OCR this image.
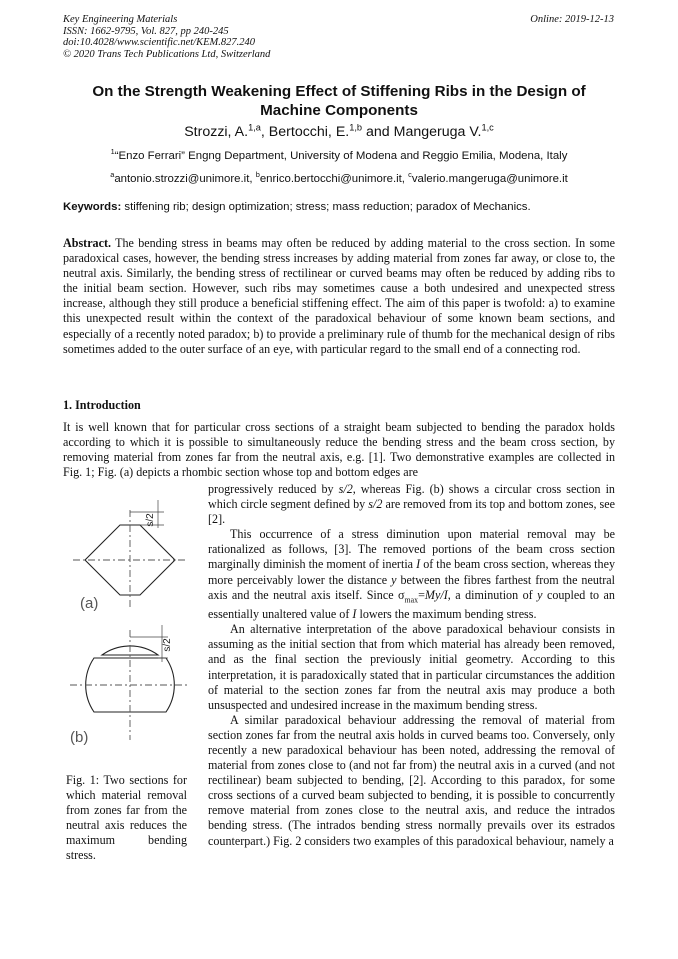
Key Engineering Materials
ISSN: 1662-9795, Vol. 827, pp 240-245
doi:10.4028/www.scientific.net/KEM.827.240
© 2020 Trans Tech Publications Ltd, Switzerland
Online: 2019-12-13
On the Strength Weakening Effect of Stiffening Ribs in the Design of Machine Components
Strozzi, A.$^{1,a}$, Bertocchi, E.$^{1,b}$ and Mangeruga V.$^{1,c}$
$^1$“Enzo Ferrari” Engng Department, University of Modena and Reggio Emilia, Modena, Italy
$^a$antonio.strozzi@unimore.it, $^b$enrico.bertocchi@unimore.it, $^c$valerio.mangeruga@unimore.it
Keywords: stiffening rib; design optimization; stress; mass reduction; paradox of Mechanics.
Abstract. The bending stress in beams may often be reduced by adding material to the cross section. In some paradoxical cases, however, the bending stress increases by adding material from zones far away, or close to, the neutral axis. Similarly, the bending stress of rectilinear or curved beams may often be reduced by adding ribs to the initial beam section. However, such ribs may sometimes cause a both undesired and unexpected stress increase, although they still produce a beneficial stiffening effect. The aim of this paper is twofold: a) to examine this unexpected result within the context of the paradoxical behaviour of some known beam sections, and especially of a recently noted paradox; b) to provide a preliminary rule of thumb for the mechanical design of ribs sometimes added to the outer surface of an eye, with particular regard to the small end of a connecting rod.
1. Introduction
It is well known that for particular cross sections of a straight beam subjected to bending the paradox holds according to which it is possible to simultaneously reduce the bending stress and the beam cross section, by removing material from zones far from the neutral axis, e.g. [1]. Two demonstrative examples are collected in Fig. 1; Fig. (a) depicts a rhombic section whose top and bottom edges are

progressively reduced by s/2, whereas Fig. (b) shows a circular cross section in which circle segment defined by s/2 are removed from its top and bottom zones, see [2].

This occurrence of a stress diminution upon material removal may be rationalized as follows, [3]. The removed portions of the beam cross section marginally diminish the moment of inertia I of the beam cross section, whereas they more perceivably lower the distance y between the fibres farthest from the neutral axis and the neutral axis itself. Since $\sigma_{max}=My/I$, a diminution of y coupled to an essentially unaltered value of I lowers the maximum bending stress.

An alternative interpretation of the above paradoxical behaviour consists in assuming as the initial section that from which material has already been removed, and as the final section the previously initial geometry. According to this interpretation, it is paradoxically stated that in particular circumstances the addition of material to the section zones far from the neutral axis may produce a both unsuspected and undesired increase in the maximum bending stress.

A similar paradoxical behaviour addressing the removal of material from section zones far from the neutral axis holds in curved beams too. Conversely, only recently a new paradoxical behaviour has been noted, addressing the removal of material from zones close to (and not far from) the neutral axis in a curved (and not rectilinear) beam subjected to bending, [2]. According to this paradox, for some cross sections of a curved beam subjected to bending, it is possible to concurrently remove material from zones close to the neutral axis, and reduce the intrados bending stress. (The intrados bending stress normally prevails over its estrados counterpart.) Fig. 2 considers two examples of this paradoxical behaviour, namely a

s/2
(a)
s/2
(b)
Fig. 1: Two sections for which material removal from zones far from the neutral axis reduces the maximum bending stress.
